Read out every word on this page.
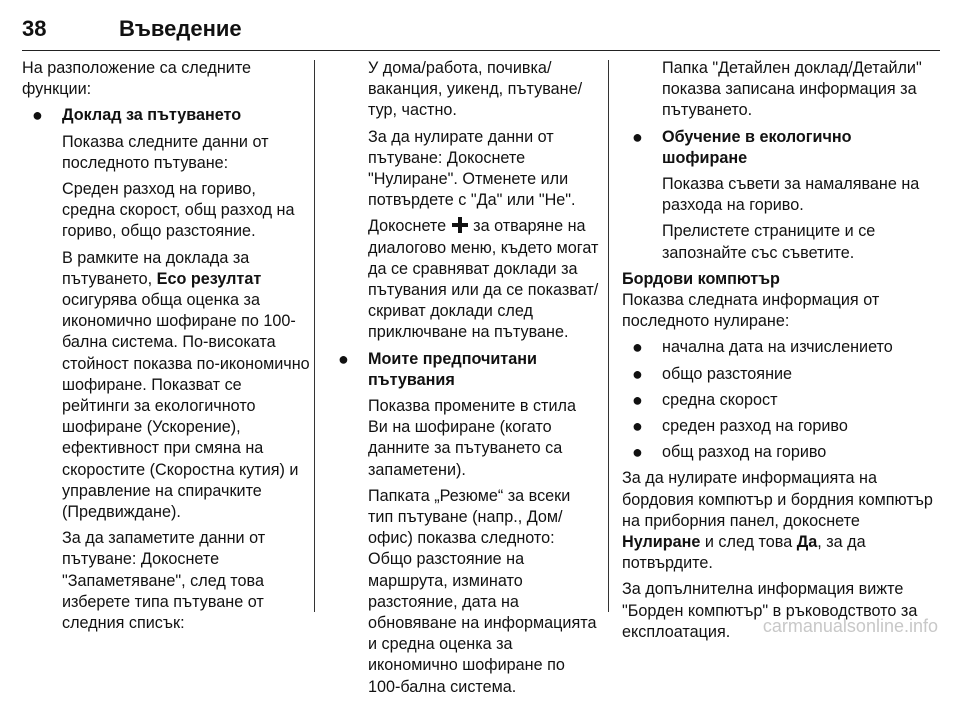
38	Въведение

На разположение са следните функции:

● Доклад за пътуването

Показва следните данни от последното пътуване:

Среден разход на гориво, средна скорост, общ разход на гориво, общо разстояние.

В рамките на доклада за пътуването, Eco резултат осигурява обща оценка за икономично шофиране по 100-бална система. По-високата стойност показва по-икономично шофиране. Показват се рейтинги за екологичното шофиране (Ускорение), ефективност при смяна на скоростите (Скоростна кутия) и управление на спирачките (Предвиждане).

За да запаметите данни от пътуване: Докоснете "Запаметяване", след това изберете типа пътуване от следния списък:

У дома/работа, почивка/ваканция, уикенд, пътуване/тур, частно.

За да нулирате данни от пътуване: Докоснете "Нулиране". Отменете или потвърдете с "Да" или "Не".

Докоснете  за отваряне на диалогово меню, където могат да се сравняват доклади за пътувания или да се показват/скриват доклади след приключване на пътуване.

● Моите предпочитани пътувания

Показва промените в стила Ви на шофиране (когато данните за пътуването са запаметени).

Папката „Резюме“ за всеки тип пътуване (напр., Дом/офис) показва следното: Общо разстояние на маршрута, изминато разстояние, дата на обновяване на информацията и средна оценка за икономично шофиране по 100-бална система.

Папка "Детайлен доклад/Детайли" показва записана информация за пътуването.

● Обучение в екологично шофиране

Показва съвети за намаляване на разхода на гориво.

Прелистете страниците и се запознайте със съветите.

Бордови компютър

Показва следната информация от последното нулиране:

● начална дата на изчислението
● общо разстояние
● средна скорост
● среден разход на гориво
● общ разход на гориво

За да нулирате информацията на бордовия компютър и бордния компютър на приборния панел, докоснете Нулиране и след това Да, за да потвърдите.

За допълнителна информация вижте "Борден компютър" в ръководството за експлоатация.	carmanualsonline.info
